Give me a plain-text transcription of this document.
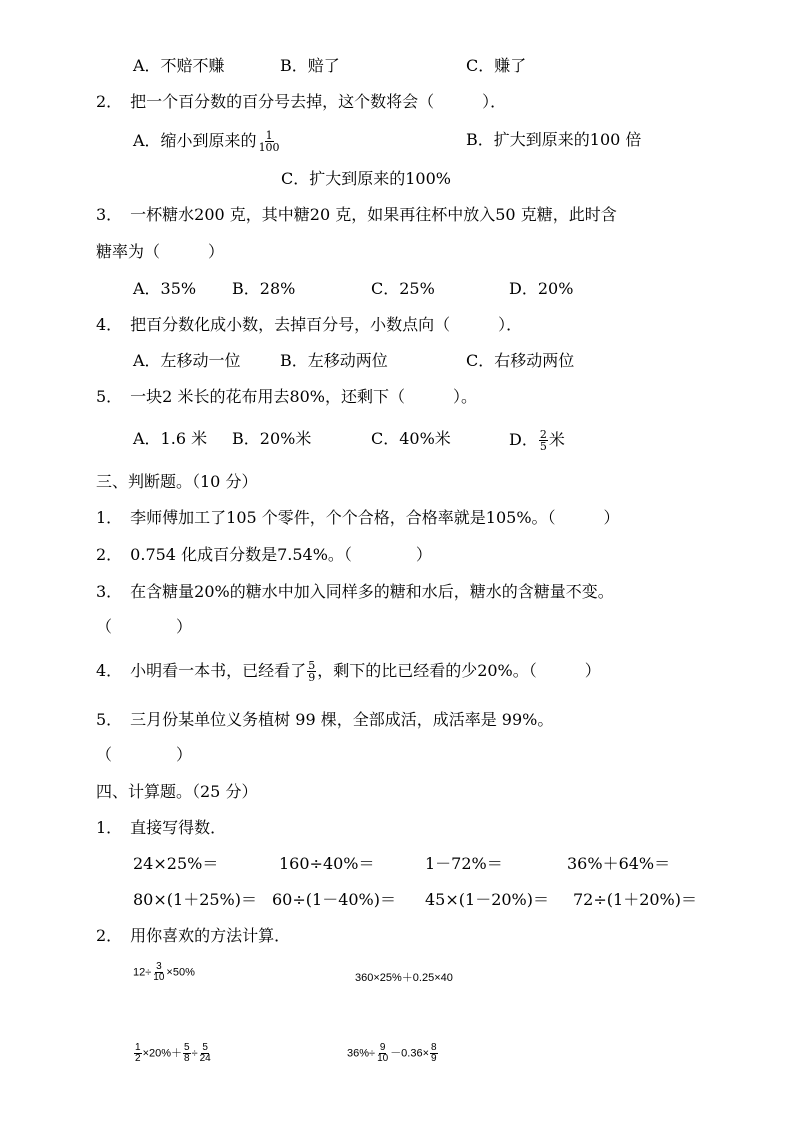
A．不赔不赚	B．赔了	C．赚了
2．　把一个百分数的百分号去掉，这个数将会（　　　）．
A．缩小到原来的 $\frac{1}{100}$	B．扩大到原来的100 倍
C．扩大到原来的100%
3．　一杯糖水200 克，其中糖20 克，如果再往杯中放入50 克糖，此时含
糖率为（　　　）
A．35% B．28%	C．25%	D．20%
4．　把百分数化成小数，去掉百分号，小数点向（　　　）．
A．左移动一位 B．左移动两位	C．右移动两位
5．　一块2 米长的花布用去80%，还剩下（　　　）。
A．1.6 米 B．20%米	C．40%米	D． $\frac{2}{5}$ 米
三、判断题。（10 分）
1．　李师傅加工了105 个零件，个个合格，合格率就是105%。（　　　）
2．　0.754 化成百分数是7.54%。（　　　　）
3．　在含糖量20%的糖水中加入同样多的糖和水后，糖水的含糖量不变。
（　　　　）
4．　小明看一本书，已经看了 $\frac{5}{9}$ ，剩下的比已经看的少20%。（　　　）
5．　三月份某单位义务植树 99 棵，全部成活，成活率是 99%。
（　　　　）
四、计算题。（25 分）
1．　直接写得数．
24×25%＝	160÷40%＝	1－72%＝	36%＋64%＝
80×(1＋25%)＝ 60÷(1－40%)＝ 45×(1－20%)＝ 72÷(1＋20%)＝
2．　用你喜欢的方法计算．
$12\div \frac{3}{10} \times 50\%$	360×25%＋0.25×40
$\frac{1}{2} \times 20\%+ \frac{5}{8} \div \frac{5}{24}$	$36\%\div \frac{9}{10} -0.36\times \frac{8}{9}$
